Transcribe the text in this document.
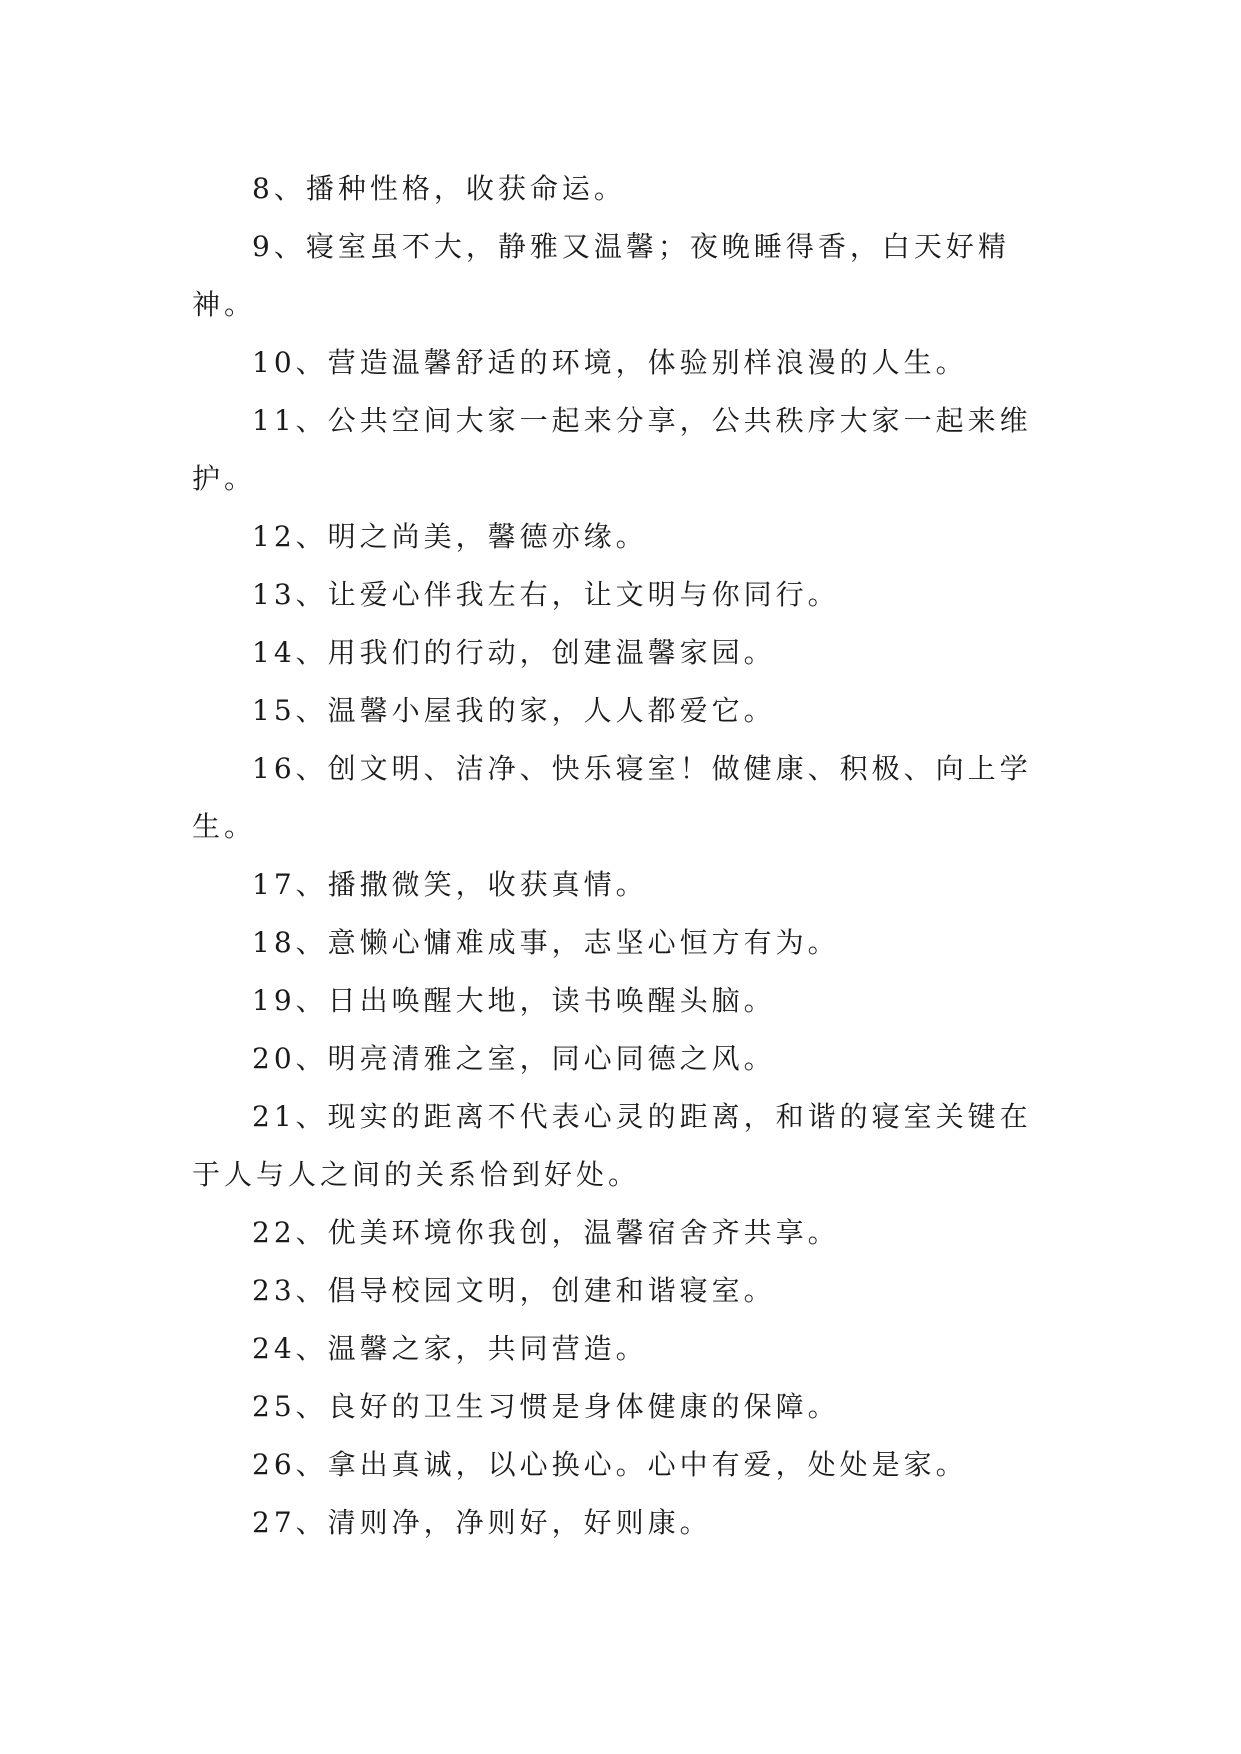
8、播种性格，收获命运。

9、寝室虽不大，静雅又温馨；夜晚睡得香，白天好精神。

10、营造温馨舒适的环境，体验别样浪漫的人生。

11、公共空间大家一起来分享，公共秩序大家一起来维护。

12、明之尚美，馨德亦缘。

13、让爱心伴我左右，让文明与你同行。

14、用我们的行动，创建温馨家园。

15、温馨小屋我的家，人人都爱它。

16、创文明、洁净、快乐寝室！做健康、积极、向上学生。

17、播撒微笑，收获真情。

18、意懒心慵难成事，志坚心恒方有为。

19、日出唤醒大地，读书唤醒头脑。

20、明亮清雅之室，同心同德之风。

21、现实的距离不代表心灵的距离，和谐的寝室关键在于人与人之间的关系恰到好处。

22、优美环境你我创，温馨宿舍齐共享。

23、倡导校园文明，创建和谐寝室。

24、温馨之家，共同营造。

25、良好的卫生习惯是身体健康的保障。

26、拿出真诚，以心换心。心中有爱，处处是家。

27、清则净，净则好，好则康。
